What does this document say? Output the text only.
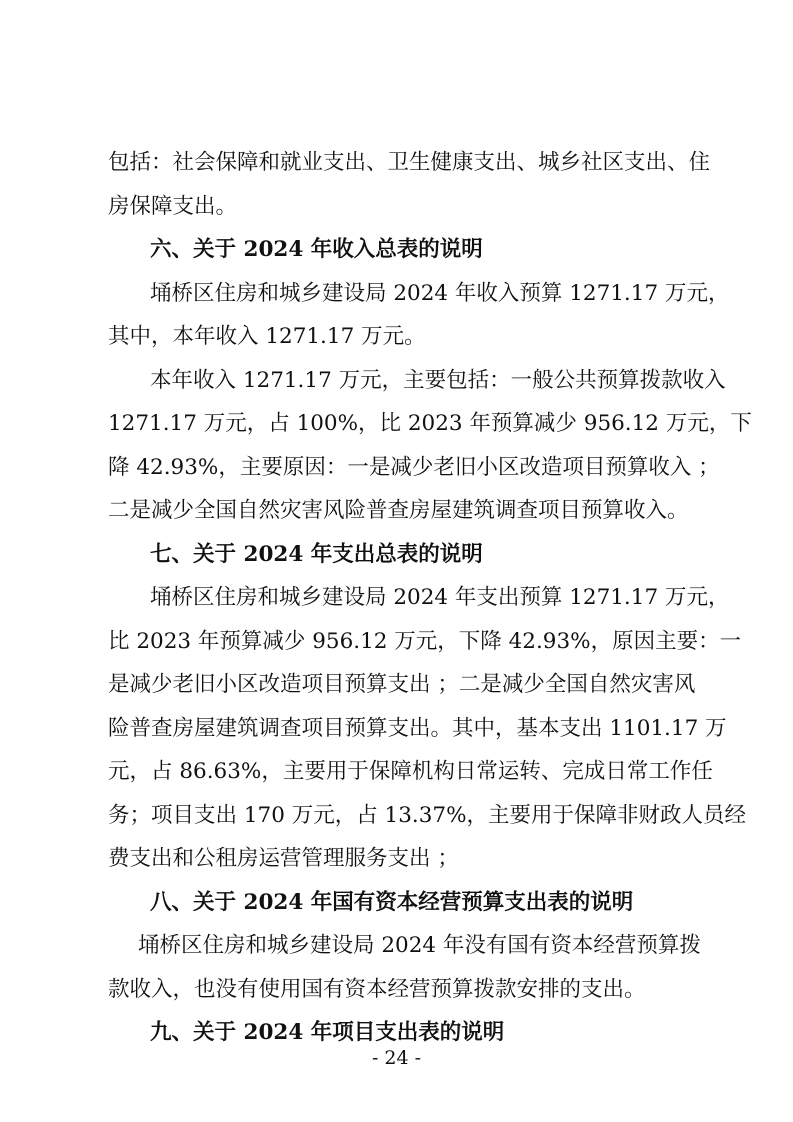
包括：社会保障和就业支出、卫生健康支出、城乡社区支出、住
房保障支出。
六、关于 2024 年收入总表的说明
埇桥区住房和城乡建设局 2024 年收入预算 1271.17 万元，
其中，本年收入 1271.17 万元。
本年收入 1271.17 万元，主要包括：一般公共预算拨款收入
1271.17 万元，占 100%，比 2023 年预算减少 956.12 万元，下
降 42.93%，主要原因：一是减少老旧小区改造项目预算收入 ；
二是减少全国自然灾害风险普查房屋建筑调查项目预算收入。
七、关于 2024 年支出总表的说明
埇桥区住房和城乡建设局 2024 年支出预算 1271.17 万元，
比 2023 年预算减少 956.12 万元，下降 42.93%，原因主要：一
是减少老旧小区改造项目预算支出 ；二是减少全国自然灾害风
险普查房屋建筑调查项目预算支出。其中，基本支出 1101.17 万
元，占 86.63%，主要用于保障机构日常运转、完成日常工作任
务；项目支出 170 万元，占 13.37%，主要用于保障非财政人员经
费支出和公租房运营管理服务支出 ；
八、关于 2024 年国有资本经营预算支出表的说明
埇桥区住房和城乡建设局 2024 年没有国有资本经营预算拨
款收入，也没有使用国有资本经营预算拨款安排的支出。
- 24 -
九、关于 2024 年项目支出表的说明
